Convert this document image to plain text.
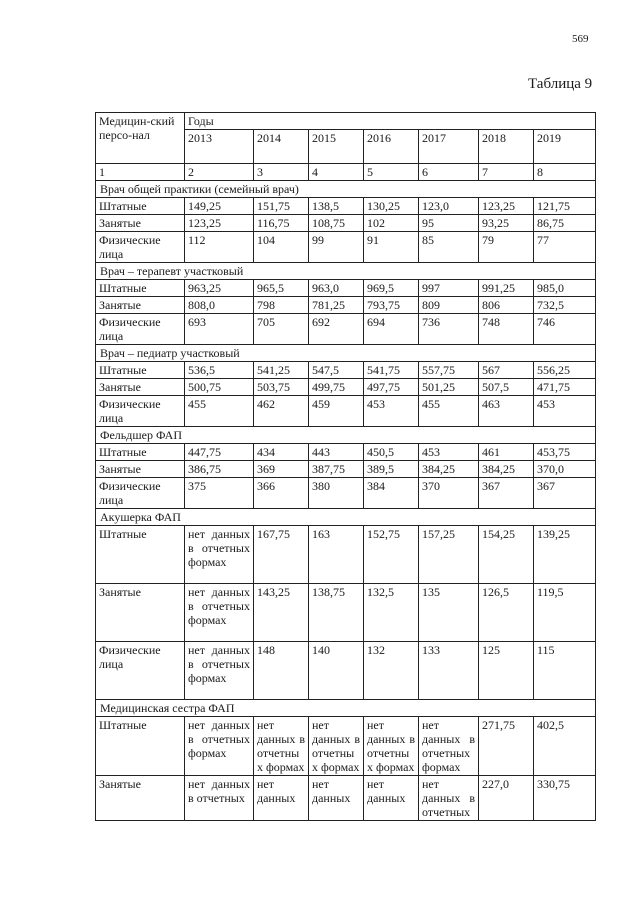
569
Таблица 9
Медицин-ский персо-нал	Годы						
	2013	2014	2015	2016	2017	2018	2019
1	2	3	4	5	6	7	8
Врач общей практики (семейный врач)							
Штатные	149,25	151,75	138,5	130,25	123,0	123,25	121,75
Занятые	123,25	116,75	108,75	102	95	93,25	86,75
Физические лица	112	104	99	91	85	79	77
Врач – терапевт участковый							
Штатные	963,25	965,5	963,0	969,5	997	991,25	985,0
Занятые	808,0	798	781,25	793,75	809	806	732,5
Физические лица	693	705	692	694	736	748	746
Врач – педиатр участковый							
Штатные	536,5	541,25	547,5	541,75	557,75	567	556,25
Занятые	500,75	503,75	499,75	497,75	501,25	507,5	471,75
Физические лица	455	462	459	453	455	463	453
Фельдшер ФАП							
Штатные	447,75	434	443	450,5	453	461	453,75
Занятые	386,75	369	387,75	389,5	384,25	384,25	370,0
Физические лица	375	366	380	384	370	367	367
Акушерка ФАП							
Штатные	нет данных в отчетных формах	167,75	163	152,75	157,25	154,25	139,25
Занятые	нет данных в отчетных формах	143,25	138,75	132,5	135	126,5	119,5
Физические лица	нет данных в отчетных формах	148	140	132	133	125	115
Медицинская сестра ФАП							
Штатные	нет данных в отчетных формах	нет данных в отчетных формах	нет данных в отчетных формах	нет данных в отчетных формах	нет данных в отчетных формах	271,75	402,5
Занятые	нет данных в отчетных	нет данных	нет данных	нет данных	нет данных в отчетных	227,0	330,75
